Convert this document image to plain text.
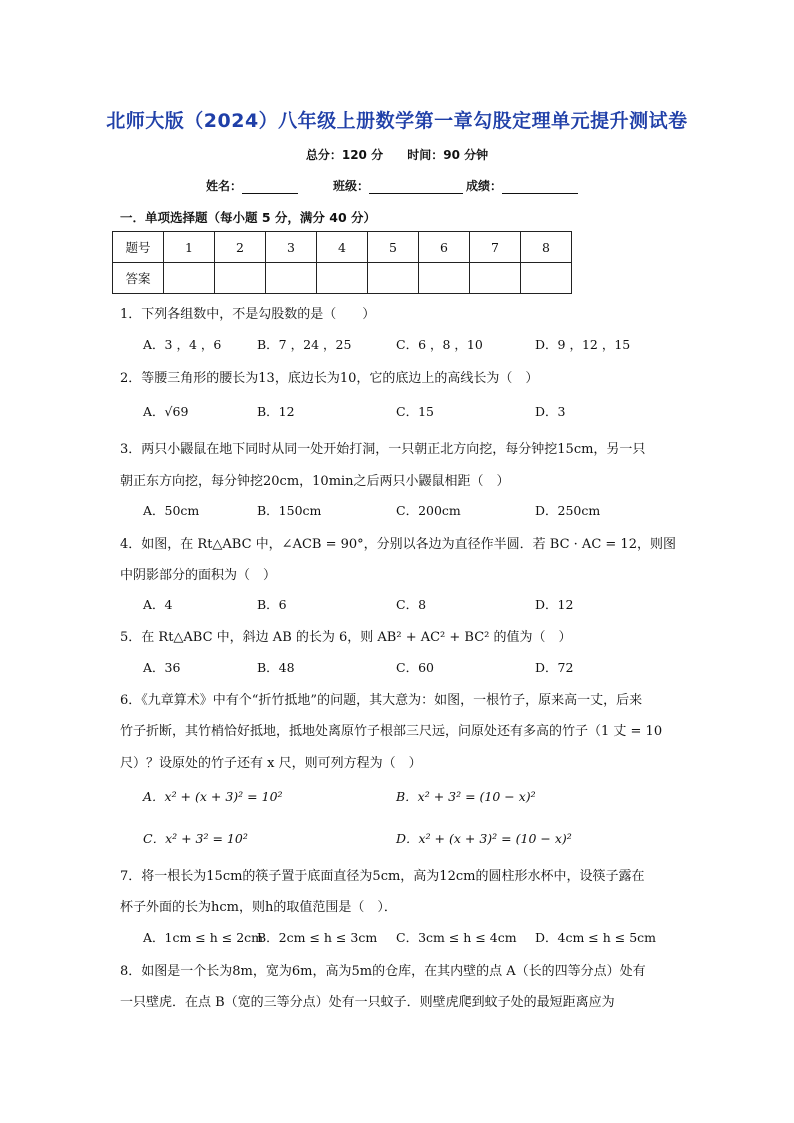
北师大版（2024）八年级上册数学第一章勾股定理单元提升测试卷
总分：120 分 时间：90 分钟
姓名：	班级：	成绩：
一．单项选择题（每小题 5 分，满分 40 分）
题号	1	2	3	4	5	6	7	8
答案								
1．下列各组数中，不是勾股数的是（　　）
A．3 ，4 ，6	B．7 ，24 ，25	C．6 ，8 ，10	D．9 ，12 ，15
2．等腰三角形的腰长为13，底边长为10，它的底边上的高线长为（　）
A．√69	B．12	C．15	D．3
3．两只小鼹鼠在地下同时从同一处开始打洞，一只朝正北方向挖，每分钟挖15cm，另一只
朝正东方向挖，每分钟挖20cm，10min之后两只小鼹鼠相距（　）
A．50cm	B．150cm	C．200cm	D．250cm
4．如图，在 Rt△ABC 中，∠ACB = 90°，分别以各边为直径作半圆．若 BC · AC = 12，则图
中阴影部分的面积为（　）
A．4	B．6	C．8	D．12
5．在 Rt△ABC 中，斜边 AB 的长为 6，则 AB² + AC² + BC² 的值为（　）
A．36	B．48	C．60	D．72
6．《九章算术》中有个“折竹抵地”的问题，其大意为：如图，一根竹子，原来高一丈，后来
竹子折断，其竹梢恰好抵地，抵地处离原竹子根部三尺远，问原处还有多高的竹子（1 丈 = 10
尺）？设原处的竹子还有 x 尺，则可列方程为（　）
A．x² + (x + 3)² = 10²	B．x² + 3² = (10 − x)²
C．x² + 3² = 10²	D．x² + (x + 3)² = (10 − x)²
7．将一根长为15cm的筷子置于底面直径为5cm，高为12cm的圆柱形水杯中，设筷子露在
杯子外面的长为hcm，则h的取值范围是（　）．
A．1cm ≤ h ≤ 2cm
B．2cm ≤ h ≤ 3cm C．3cm ≤ h ≤ 4cm D．4cm ≤ h ≤ 5cm
8．如图是一个长为8m，宽为6m，高为5m的仓库，在其内壁的点 A（长的四等分点）处有
一只壁虎．在点 B（宽的三等分点）处有一只蚊子．则壁虎爬到蚊子处的最短距离应为
